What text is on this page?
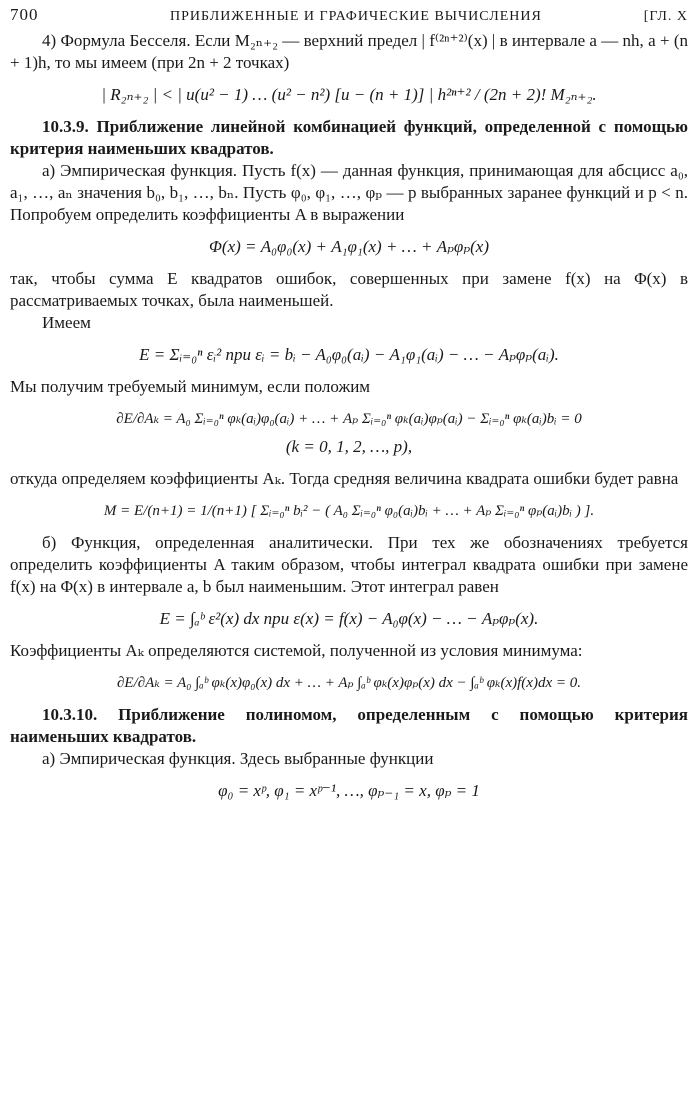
700	ПРИБЛИЖЕННЫЕ И ГРАФИЧЕСКИЕ ВЫЧИСЛЕНИЯ	[ГЛ. X

4) Формула Бесселя. Если M₂ₙ₊₂ — верхний предел | f⁽²ⁿ⁺²⁾(x) | в интервале a — nh, a + (n + 1)h, то мы имеем (при 2n + 2 точках)

| R₂ₙ₊₂ | < | u(u² − 1) … (u² − n²) [u − (n + 1)] | h²ⁿ⁺² / (2n + 2)! M₂ₙ₊₂.

10.3.9. Приближение линейной комбинацией функций, определенной с помощью критерия наименьших квадратов.

а) Эмпирическая функция. Пусть f(x) — данная функция, принимающая для абсцисс a₀, a₁, …, aₙ значения b₀, b₁, …, bₙ. Пусть φ₀, φ₁, …, φₚ — p выбранных заранее функций и p < n. Попробуем определить коэффициенты A в выражении

Φ(x) = A₀φ₀(x) + A₁φ₁(x) + … + Aₚφₚ(x)

так, чтобы сумма E квадратов ошибок, совершенных при замене f(x) на Φ(x) в рассматриваемых точках, была наименьшей.

Имеем

E = Σᵢ₌₀ⁿ εᵢ² при εᵢ = bᵢ − A₀φ₀(aᵢ) − A₁φ₁(aᵢ) − … − Aₚφₚ(aᵢ).

Мы получим требуемый минимум, если положим

∂E/∂Aₖ = A₀ Σᵢ₌₀ⁿ φₖ(aᵢ)φ₀(aᵢ) + … + Aₚ Σᵢ₌₀ⁿ φₖ(aᵢ)φₚ(aᵢ) − Σᵢ₌₀ⁿ φₖ(aᵢ)bᵢ = 0
(k = 0, 1, 2, …, p),

откуда определяем коэффициенты Aₖ. Тогда средняя величина квадрата ошибки будет равна

M = E/(n+1) = 1/(n+1) [ Σᵢ₌₀ⁿ bᵢ² − ( A₀ Σᵢ₌₀ⁿ φ₀(aᵢ)bᵢ + … + Aₚ Σᵢ₌₀ⁿ φₚ(aᵢ)bᵢ ) ].

б) Функция, определенная аналитически. При тех же обозначениях требуется определить коэффициенты A таким образом, чтобы интеграл квадрата ошибки при замене f(x) на Φ(x) в интервале a, b был наименьшим. Этот интеграл равен

E = ∫ₐᵇ ε²(x) dx при ε(x) = f(x) − A₀φ(x) − … − Aₚφₚ(x).

Коэффициенты Aₖ определяются системой, полученной из условия минимума:

∂E/∂Aₖ = A₀ ∫ₐᵇ φₖ(x)φ₀(x) dx + … + Aₚ ∫ₐᵇ φₖ(x)φₚ(x) dx − ∫ₐᵇ φₖ(x)f(x)dx = 0.

10.3.10. Приближение полиномом, определенным с помощью критерия наименьших квадратов.

а) Эмпирическая функция. Здесь выбранные функции

φ₀ = xᵖ, φ₁ = xᵖ⁻¹, …, φₚ₋₁ = x, φₚ = 1
